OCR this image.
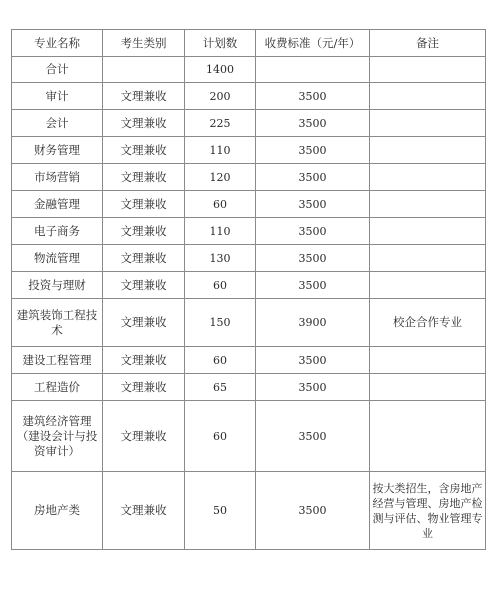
专业名称	考生类别	计划数	收费标准（元/年）	备注
合计		1400		
审计	文理兼收	200	3500	
会计	文理兼收	225	3500	
财务管理	文理兼收	110	3500	
市场营销	文理兼收	120	3500	
金融管理	文理兼收	60	3500	
电子商务	文理兼收	110	3500	
物流管理	文理兼收	130	3500	
投资与理财	文理兼收	60	3500	
建筑装饰工程技术	文理兼收	150	3900	校企合作专业
建设工程管理	文理兼收	60	3500	
工程造价	文理兼收	65	3500	
建筑经济管理（建设会计与投资审计）	文理兼收	60	3500	
房地产类	文理兼收	50	3500	按大类招生，含房地产经营与管理、房地产检测与评估、物业管理专业
